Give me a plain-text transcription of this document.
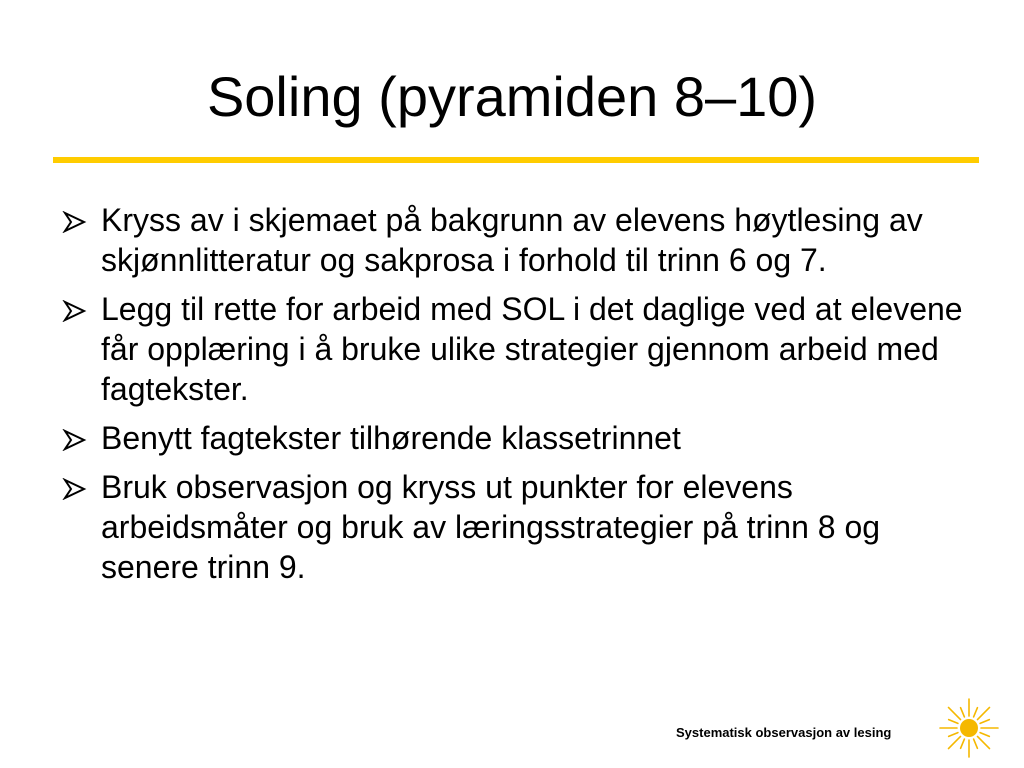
Soling (pyramiden 8–10)
Kryss av i skjemaet på bakgrunn av elevens høytlesing av skjønnlitteratur og sakprosa i forhold til trinn 6 og 7.
Legg til rette for arbeid med SOL i det daglige ved at elevene får opplæring i å bruke ulike strategier gjennom arbeid med fagtekster.
Benytt fagtekster tilhørende klassetrinnet
Bruk observasjon og kryss ut punkter for elevens arbeidsmåter og bruk av læringsstrategier på trinn 8 og senere trinn 9.
Systematisk observasjon av lesing
